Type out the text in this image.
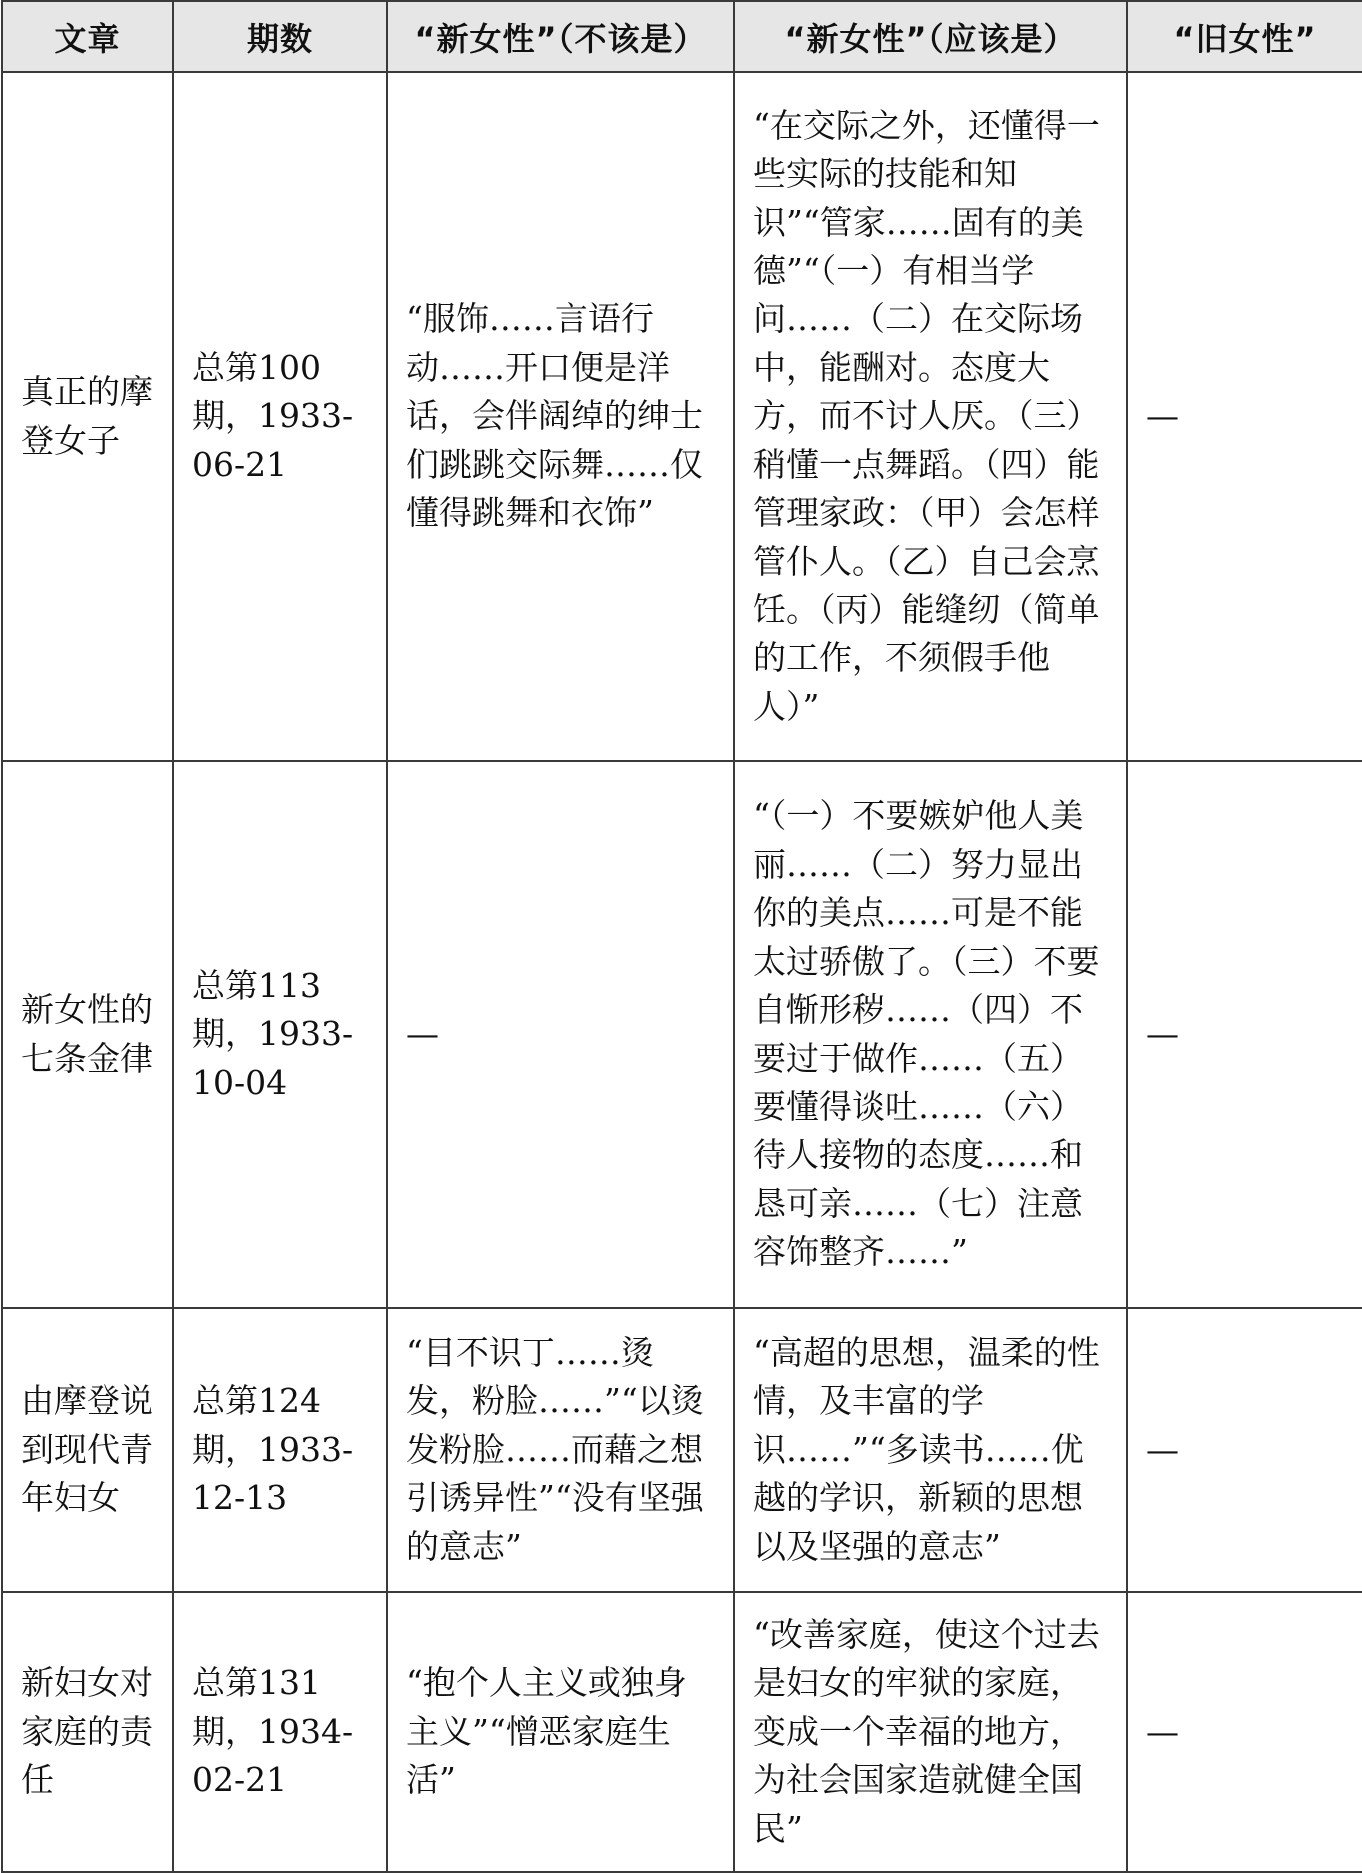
文章	期数	“新女性”（不该是）	“新女性”（应该是）	“旧女性”
真正的摩登女子	总第100期，1933-06-21	“服饰……言语行动……开口便是洋话，会伴阔绰的绅士们跳跳交际舞……仅懂得跳舞和衣饰”	“在交际之外，还懂得一些实际的技能和知识”“管家……固有的美德”“（一）有相当学问……（二）在交际场中，能酬对。态度大方，而不讨人厌。（三）稍懂一点舞蹈。（四）能管理家政：（甲）会怎样管仆人。（乙）自己会烹饪。（丙）能缝纫（简单的工作，不须假手他人）”	—
新女性的七条金律	总第113期，1933-10-04	—	“（一）不要嫉妒他人美丽……（二）努力显出你的美点……可是不能太过骄傲了。（三）不要自惭形秽……（四）不要过于做作……（五）要懂得谈吐……（六）待人接物的态度……和恳可亲……（七）注意容饰整齐……”	—
由摩登说到现代青年妇女	总第124期，1933-12-13	“目不识丁……烫发，粉脸……”“以烫发粉脸……而藉之想引诱异性”“没有坚强的意志”	“高超的思想，温柔的性情，及丰富的学识……”“多读书……优越的学识，新颖的思想以及坚强的意志”	—
新妇女对家庭的责任	总第131期，1934-02-21	“抱个人主义或独身主义”“憎恶家庭生活”	“改善家庭，使这个过去是妇女的牢狱的家庭，变成一个幸福的地方，为社会国家造就健全国民”	—
